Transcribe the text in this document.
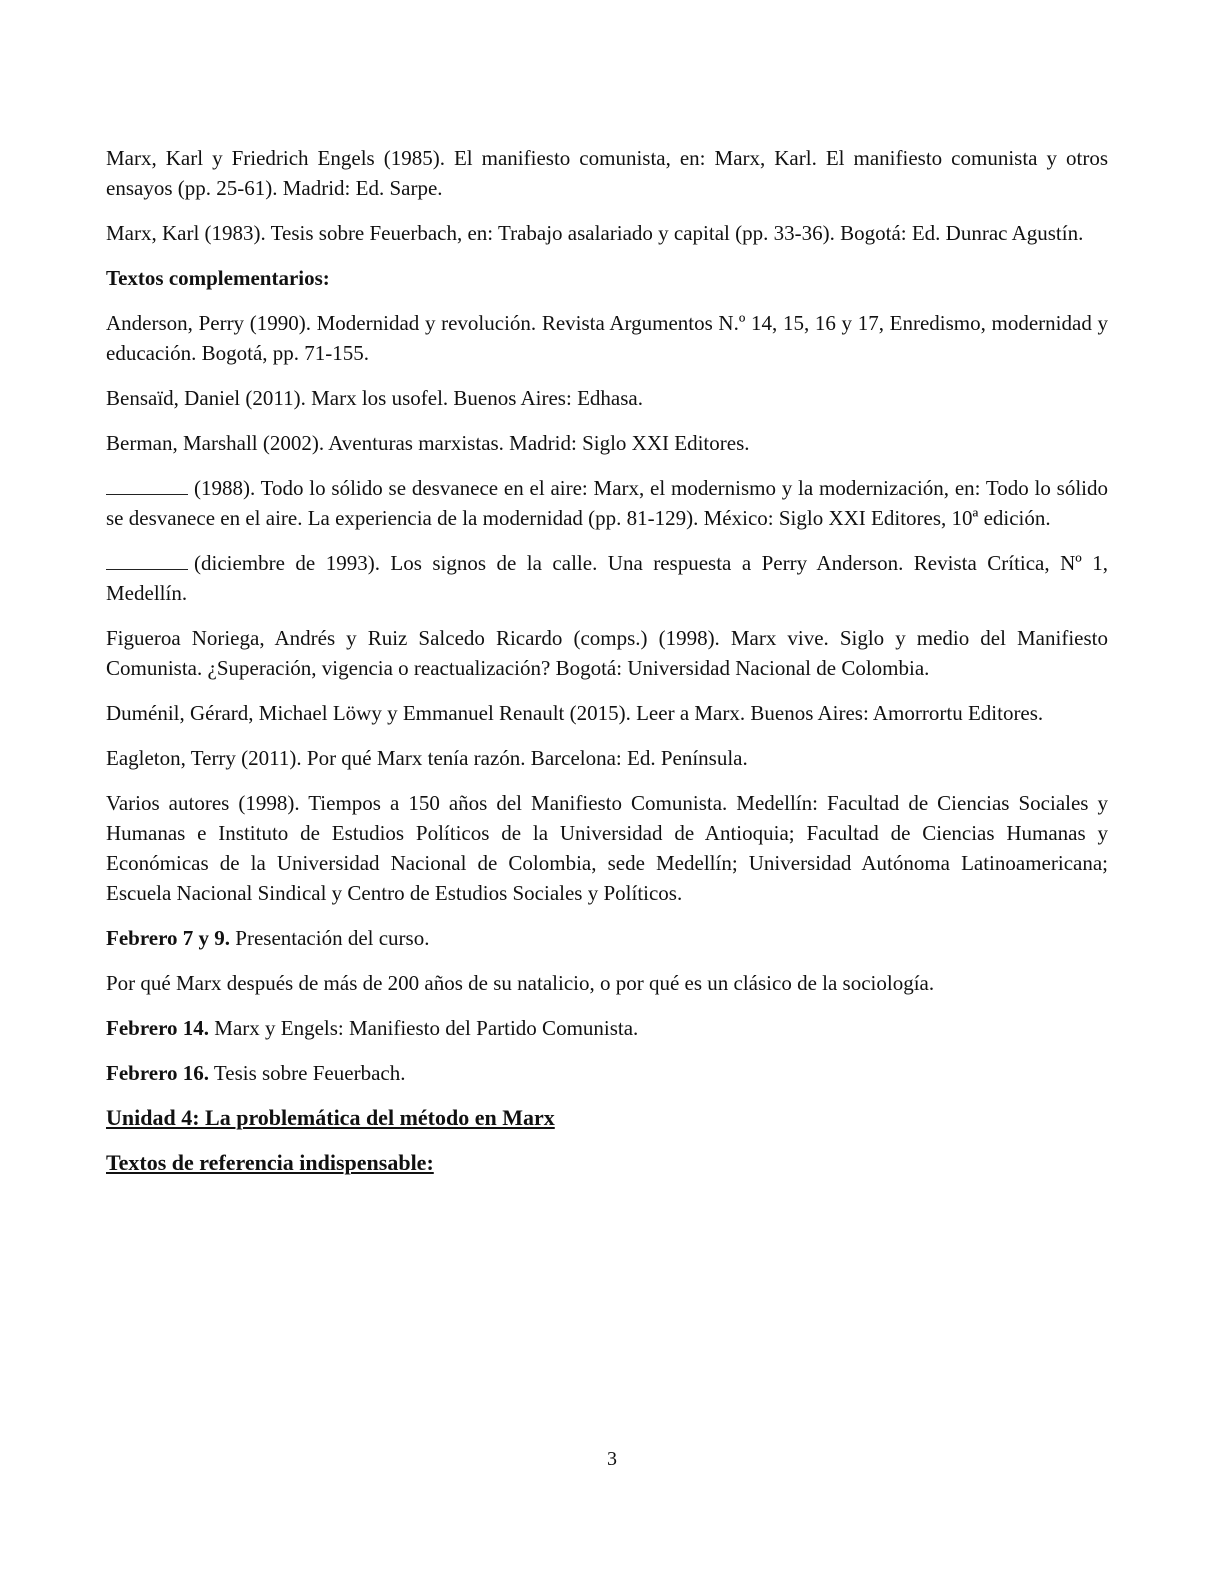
Marx, Karl y Friedrich Engels (1985). El manifiesto comunista, en: Marx, Karl. El manifiesto comunista y otros ensayos (pp. 25-61). Madrid: Ed. Sarpe.

Marx, Karl (1983). Tesis sobre Feuerbach, en: Trabajo asalariado y capital (pp. 33-36). Bogotá: Ed. Dunrac Agustín.

Textos complementarios:

Anderson, Perry (1990). Modernidad y revolución. Revista Argumentos N.º 14, 15, 16 y 17, Enredismo, modernidad y educación. Bogotá, pp. 71-155.

Bensaïd, Daniel (2011). Marx los usofel. Buenos Aires: Edhasa.

Berman, Marshall (2002). Aventuras marxistas. Madrid: Siglo XXI Editores.

(1988). Todo lo sólido se desvanece en el aire: Marx, el modernismo y la modernización, en: Todo lo sólido se desvanece en el aire. La experiencia de la modernidad (pp. 81-129). México: Siglo XXI Editores, 10ª edición.

(diciembre de 1993). Los signos de la calle. Una respuesta a Perry Anderson. Revista Crítica, Nº 1, Medellín.

Figueroa Noriega, Andrés y Ruiz Salcedo Ricardo (comps.) (1998). Marx vive. Siglo y medio del Manifiesto Comunista. ¿Superación, vigencia o reactualización? Bogotá: Universidad Nacional de Colombia.

Duménil, Gérard, Michael Löwy y Emmanuel Renault (2015). Leer a Marx. Buenos Aires: Amorrortu Editores.

Eagleton, Terry (2011). Por qué Marx tenía razón. Barcelona: Ed. Península.

Varios autores (1998). Tiempos a 150 años del Manifiesto Comunista. Medellín: Facultad de Ciencias Sociales y Humanas e Instituto de Estudios Políticos de la Universidad de Antioquia; Facultad de Ciencias Humanas y Económicas de la Universidad Nacional de Colombia, sede Medellín; Universidad Autónoma Latinoamericana; Escuela Nacional Sindical y Centro de Estudios Sociales y Políticos.

Febrero 7 y 9. Presentación del curso.

Por qué Marx después de más de 200 años de su natalicio, o por qué es un clásico de la sociología.

Febrero 14. Marx y Engels: Manifiesto del Partido Comunista.

Febrero 16. Tesis sobre Feuerbach.

Unidad 4: La problemática del método en Marx

Textos de referencia indispensable:

3
